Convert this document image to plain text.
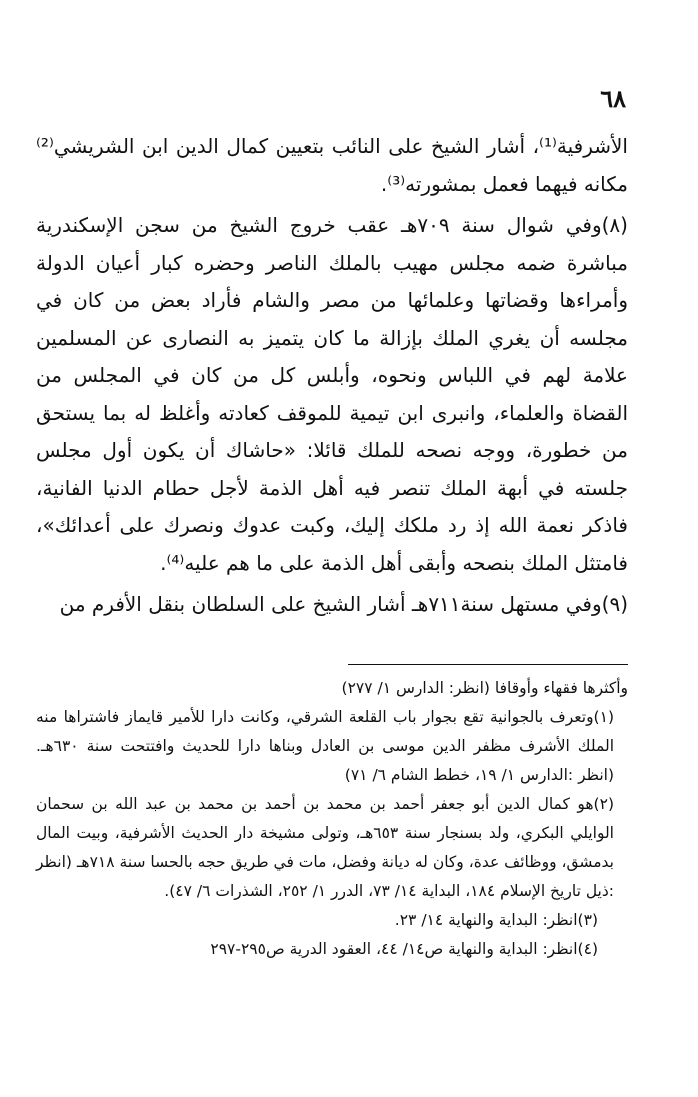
٦٨

الأشرفية⁽¹⁾، أشار الشيخ على النائب بتعيين كمال الدين ابن الشريشي⁽²⁾ مكانه فيهما فعمل بمشورته⁽³⁾.

(٨)وفي شوال سنة ٧٠٩هـ عقب خروج الشيخ من سجن الإسكندرية مباشرة ضمه مجلس مهيب بالملك الناصر وحضره كبار أعيان الدولة وأمراءها وقضاتها وعلمائها من مصر والشام فأراد بعض من كان في مجلسه أن يغري الملك بإزالة ما كان يتميز به النصارى عن المسلمين علامة لهم في اللباس ونحوه، وأبلس كل من كان في المجلس من القضاة والعلماء، وانبرى ابن تيمية للموقف كعادته وأغلظ له بما يستحق من خطورة، ووجه نصحه للملك قائلا: «حاشاك أن يكون أول مجلس جلسته في أبهة الملك تنصر فيه أهل الذمة لأجل حطام الدنيا الفانية، فاذكر نعمة الله إذ رد ملكك إليك، وكبت عدوك ونصرك على أعدائك»، فامتثل الملك بنصحه وأبقى أهل الذمة على ما هم عليه⁽⁴⁾.

(٩)وفي مستهل سنة٧١١هـ أشار الشيخ على السلطان بنقل الأفرم من

وأكثرها فقهاء وأوقافا (انظر: الدارس ١/ ٢٧٧)

(١)وتعرف بالجوانية تقع بجوار باب القلعة الشرقي، وكانت دارا للأمير قايماز فاشتراها منه الملك الأشرف مظفر الدين موسى بن العادل وبناها دارا للحديث وافتتحت سنة ٦٣٠هـ. (انظر :الدارس ١/ ١٩، خطط الشام ٦/ ٧١)

(٢)هو كمال الدين أبو جعفر أحمد بن محمد بن أحمد بن محمد بن عبد الله بن سحمان الوايلي البكري، ولد بسنجار سنة ٦٥٣هـ، وتولى مشيخة دار الحديث الأشرفية، وبيت المال بدمشق، ووظائف عدة، وكان له ديانة وفضل، مات في طريق حجه بالحسا سنة ٧١٨هـ (انظر :ذيل تاريخ الإسلام ١٨٤، البداية ١٤/ ٧٣، الدرر ١/ ٢٥٢، الشذرات ٦/ ٤٧).

(٣)انظر: البداية والنهاية ١٤/ ٢٣.

(٤)انظر: البداية والنهاية ص١٤/ ٤٤، العقود الدرية ص٢٩٥-٢٩٧
